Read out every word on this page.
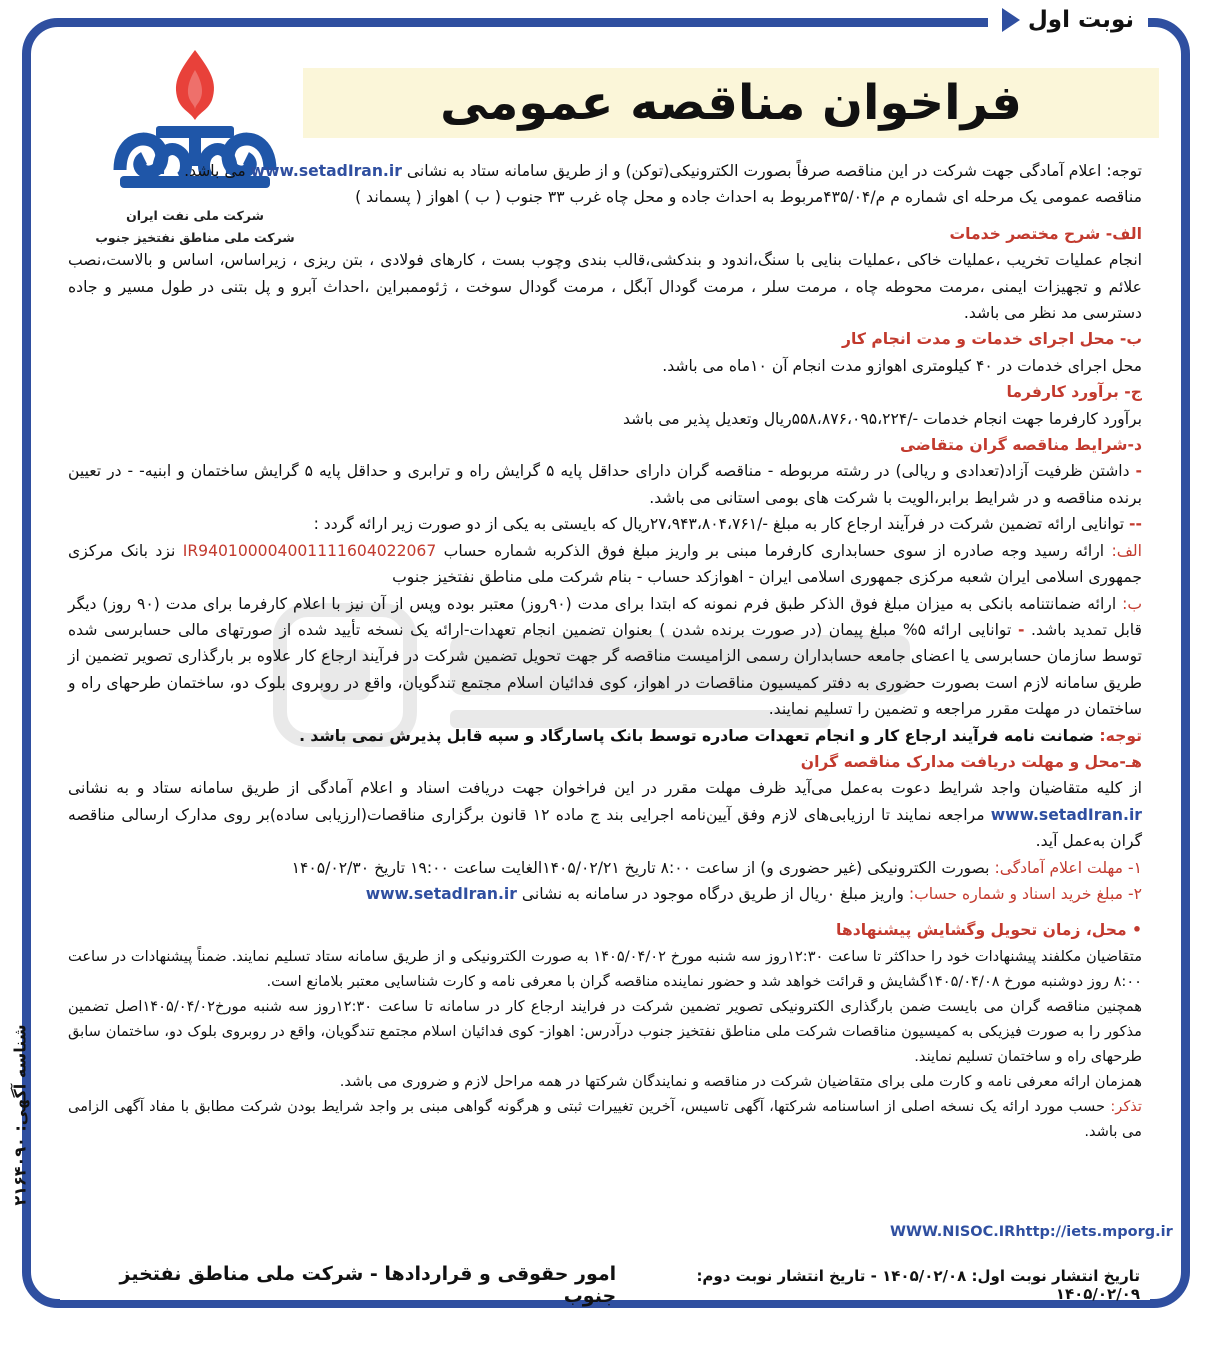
نوبت اول
فراخوان مناقصه عمومی
شرکت ملی نفت ایران
شرکت ملی مناطق نفتخیز جنوب

توجه: اعلام آمادگی جهت شرکت در این مناقصه صرفاً بصورت الکترونیکی(توکن) و از طریق سامانه ستاد به نشانی www.setadIran.ir می باشد.

مناقصه عمومی یک مرحله ای شماره م م/۴۳۵/۰۴مربوط به احداث جاده و محل چاه غرب ۳۳ جنوب ( ب ) اهواز ( پسماند )

الف- شرح مختصر خدمات

انجام عملیات تخریب ،عملیات خاکی ،عملیات بنایی با سنگ،اندود و بندکشی،قالب بندی وچوب بست ، کارهای فولادی ، بتن ریزی ، زیراساس، اساس و بالاست،نصب علائم و تجهیزات ایمنی ،مرمت محوطه چاه ، مرمت سلر ، مرمت گودال آبگل ، مرمت گودال سوخت ، ژئوممبراین ،احداث آبرو و پل بتنی در طول مسیر و جاده دسترسی مد نظر می باشد.

ب- محل اجرای خدمات و مدت انجام کار

محل اجرای خدمات در ۴۰ کیلومتری اهوازو مدت انجام آن ۱۰ماه می باشد.

ج- برآورد کارفرما

برآورد کارفرما جهت انجام خدمات -/۵۵۸،۸۷۶،۰۹۵،۲۲۴ریال وتعدیل پذیر می باشد

د-شرایط مناقصه گران متقاضی

- داشتن ظرفیت آزاد(تعدادی و ریالی) در رشته مربوطه - مناقصه گران دارای حداقل پایه ۵ گرایش راه و ترابری و حداقل پایه ۵ گرایش ساختمان و ابنیه- - در تعیین برنده مناقصه و در شرایط برابر،الویت با شرکت های بومی استانی می باشد.

-- توانایی ارائه تضمین شرکت در فرآیند ارجاع کار به مبلغ -/۲۷،۹۴۳،۸۰۴،۷۶۱ریال که بایستی به یکی از دو صورت زیر ارائه گردد :

الف: ارائه رسید وجه صادره از سوی حسابداری کارفرما مبنی بر واریز مبلغ فوق الذکربه شماره حساب IR940100004001111604022067 نزد بانک مرکزی جمهوری اسلامی ایران شعبه مرکزی جمهوری اسلامی ایران - اهوازکد حساب - بنام شرکت ملی مناطق نفتخیز جنوب

ب: ارائه ضمانتنامه بانکی به میزان مبلغ فوق الذکر طبق فرم نمونه که ابتدا برای مدت (۹۰روز) معتبر بوده وپس از آن نیز با اعلام کارفرما برای مدت (۹۰ روز) دیگر قابل تمدید باشد. - توانایی ارائه ۵% مبلغ پیمان (در صورت برنده شدن ) بعنوان تضمین انجام تعهدات-ارائه یک نسخه تأیید شده از صورتهای مالی حسابرسی شده توسط سازمان حسابرسی یا اعضای جامعه حسابداران رسمی الزامیست مناقصه گر جهت تحویل تضمین شرکت در فرآیند ارجاع کار علاوه بر بارگذاری تصویر تضمین از طریق سامانه لازم است بصورت حضوری به دفتر کمیسیون مناقصات در اهواز، کوی فدائیان اسلام مجتمع تندگویان، واقع در روبروی بلوک دو، ساختمان طرحهای راه و ساختمان در مهلت مقرر مراجعه و تضمین را تسلیم نمایند.

توجه: ضمانت نامه فرآیند ارجاع کار و انجام تعهدات صادره توسط بانک پاسارگاد و سپه قابل پذیرش نمی باشد .

هـ-محل و مهلت دریافت مدارک مناقصه گران

از کلیه متقاضیان واجد شرایط دعوت به‌عمل می‌آید ظرف مهلت مقرر در این فراخوان جهت دریافت اسناد و اعلام آمادگی از طریق سامانه ستاد و به نشانی www.setadIran.ir مراجعه نمایند تا ارزیابی‌های لازم وفق آیین‌نامه اجرایی بند ج ماده ۱۲ قانون برگزاری مناقصات(ارزیابی ساده)بر روی مدارک ارسالی مناقصه گران به‌عمل آید.

۱- مهلت اعلام آمادگی: بصورت الکترونیکی (غیر حضوری و) از ساعت ۸:۰۰ تاریخ ۱۴۰۵/۰۲/۲۱الغایت ساعت ۱۹:۰۰ تاریخ ۱۴۰۵/۰۲/۳۰

۲- مبلغ خرید اسناد و شماره حساب: واریز مبلغ ۰ریال از طریق درگاه موجود در سامانه به نشانی www.setadIran.ir

• محل، زمان تحویل وگشایش پیشنهادها

متقاضیان مکلفند پیشنهادات خود را حداکثر تا ساعت ۱۲:۳۰روز سه شنبه مورخ ۱۴۰۵/۰۴/۰۲ به صورت الکترونیکی و از طریق سامانه ستاد تسلیم نمایند. ضمناً پیشنهادات در ساعت ۸:۰۰ روز دوشنبه مورخ ۱۴۰۵/۰۴/۰۸گشایش و قرائت خواهد شد و حضور نماینده مناقصه گران با معرفی نامه و کارت شناسایی معتبر بلامانع است.

همچنین مناقصه گران می بایست ضمن بارگذاری الکترونیکی تصویر تضمین شرکت در فرایند ارجاع کار در سامانه تا ساعت ۱۲:۳۰روز سه شنبه مورخ۱۴۰۵/۰۴/۰۲اصل تضمین مذکور را به صورت فیزیکی به کمیسیون مناقصات شرکت ملی مناطق نفتخیز جنوب درآدرس: اهواز- کوی فدائیان اسلام مجتمع تندگویان، واقع در روبروی بلوک دو، ساختمان سابق طرحهای راه و ساختمان تسلیم نمایند.

همزمان ارائه معرفی نامه و کارت ملی برای متقاضیان شرکت در مناقصه و نمایندگان شرکتها در همه مراحل لازم و ضروری می باشد.

تذکر: حسب مورد ارائه یک نسخه اصلی از اساسنامه شرکتها، آگهی تاسیس، آخرین تغییرات ثبتی و هرگونه گواهی مبنی بر واجد شرایط بودن شرکت مطابق با مفاد آگهی الزامی می باشد.

WWW.NISOC.IRhttp://iets.mporg.ir
شناسه آگهی: ۲۱۶۴۰۹۰
تاریخ انتشار نوبت اول: ۱۴۰۵/۰۲/۰۸ - تاریخ انتشار نوبت دوم: ۱۴۰۵/۰۲/۰۹
امور حقوقی و قراردادها - شرکت ملی مناطق نفتخیز جنوب
